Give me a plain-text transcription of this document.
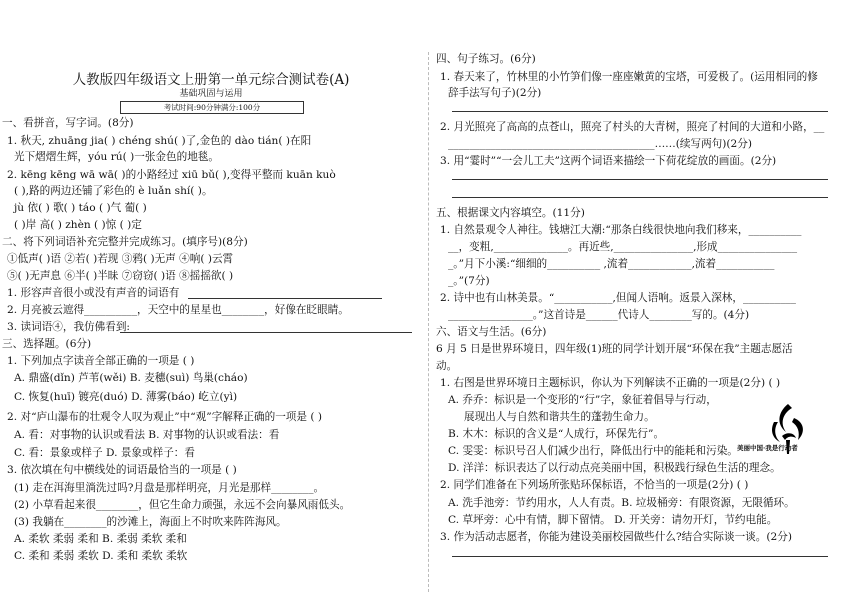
人教版四年级语文上册第一单元综合测试卷(A)
基础巩固与运用
考试时间:90分钟满分:100分
一、看拼音，写字词。(8分)
1. 秋天, zhuāng jia( ) chéng shú( )了,金色的 dào tián( )在阳
光下熠熠生辉，yóu rú( )一张金色的地毯。
2. kēng kēng wā wā( )的小路经过 xiū bǔ( ),变得平整而 kuān kuò
( ),路的两边还铺了彩色的 è luǎn shí( )。
jù 依( ) 歌( ) táo ( )气 葡( )
( )岸 高( ) zhèn ( )惊 ( )定
二、将下列词语补充完整并完成练习。(填序号)(8分)
①低声( )语 ②若( )若现 ③鸦( )无声 ④响( )云霄
⑤( )无声息 ⑥半( )半昧 ⑦窃窃( )语 ⑧摇摇欲( )
1. 形容声音很小或没有声音的词语有
2. 月亮被云遮得__________，天空中的星星也________，好像在眨眼睛。
3. 读词语④，我仿佛看到:
三、选择题。(6分)
1. 下列加点字读音全部正确的一项是 ( )
A. 鼎盛(dǐn) 芦苇(wěi) B. 麦穗(suì) 鸟巢(cháo)
C. 恢复(huī) 镀亮(duó) D. 薄雾(báo) 屹立(yì)
2. 对“庐山瀑布的壮观令人叹为观止”中“观”字解释正确的一项是 ( )
A. 看：对事物的认识或看法 B. 对事物的认识或看法：看
C. 看：景象或样子 D. 景象或样子：看
3. 依次填在句中横线处的词语最恰当的一项是 ( )
(1) 走在洱海里淌洗过吗?月盘是那样明亮，月光是那样________。
(2) 小草看起来很________，但它生命力顽强，永远不会向暴风雨低头。
(3) 我躺在________的沙滩上，海面上不时吹来阵阵海风。
A. 柔软 柔弱 柔和 B. 柔弱 柔软 柔和
C. 柔和 柔弱 柔软 D. 柔和 柔软 柔软
四、句子练习。(6分)
1. 春天来了，竹林里的小竹笋们像一座座嫩黄的宝塔，可爱极了。(运用相同的修
辞手法写句子)(2分)
2. 月光照亮了高高的点苍山，照亮了村头的大青树，照亮了村间的大道和小路，__
_______________________________________……(续写两句)(2分)
3. 用“霎时”“一会儿工夫”这两个词语来描绘一下荷花绽放的画面。(2分)
五、根据课文内容填空。(11分)
1. 自然景观令人神往。钱塘江大潮:“那条白线很快地向我们移来，__________
__，变粗,______________。再近些,_______________,形成_______________
_。”月下小溪:“细细的__________ ,流着____________,流着___________
_。”(7分)
2. 诗中也有山林美景。“___________,但闻人语响。返景入深林，__________
________________。”这首诗是______代诗人________写的。(4分)
六、语文与生活。(6分)
6 月 5 日是世界环境日，四年级(1)班的同学计划开展“环保在我”主题志愿活
动。
1. 右图是世界环境日主题标识，你认为下列解读不正确的一项是(2分) ( )
A. 乔乔：标识是一个变形的“行”字，象征着倡导与行动，
展现出人与自然和谐共生的蓬勃生命力。
B. 木木：标识的含义是“人成行，环保先行”。
C. 雯雯：标识号召人们减少出行，降低出行中的能耗和污染。
D. 洋洋：标识表达了以行动点亮美丽中国，积极践行绿色生活的理念。
2. 同学们准备在下列场所张贴环保标语，不恰当的一项是(2分) ( )
A. 洗手池旁：节约用水，人人有责。B. 垃圾桶旁：有限资源，无限循环。
C. 草坪旁：心中有情，脚下留情。 D. 开关旁：请勿开灯，节约电能。
3. 作为活动志愿者，你能为建设美丽校园做些什么?结合实际谈一谈。(2分)
美丽中国·我是行动者
